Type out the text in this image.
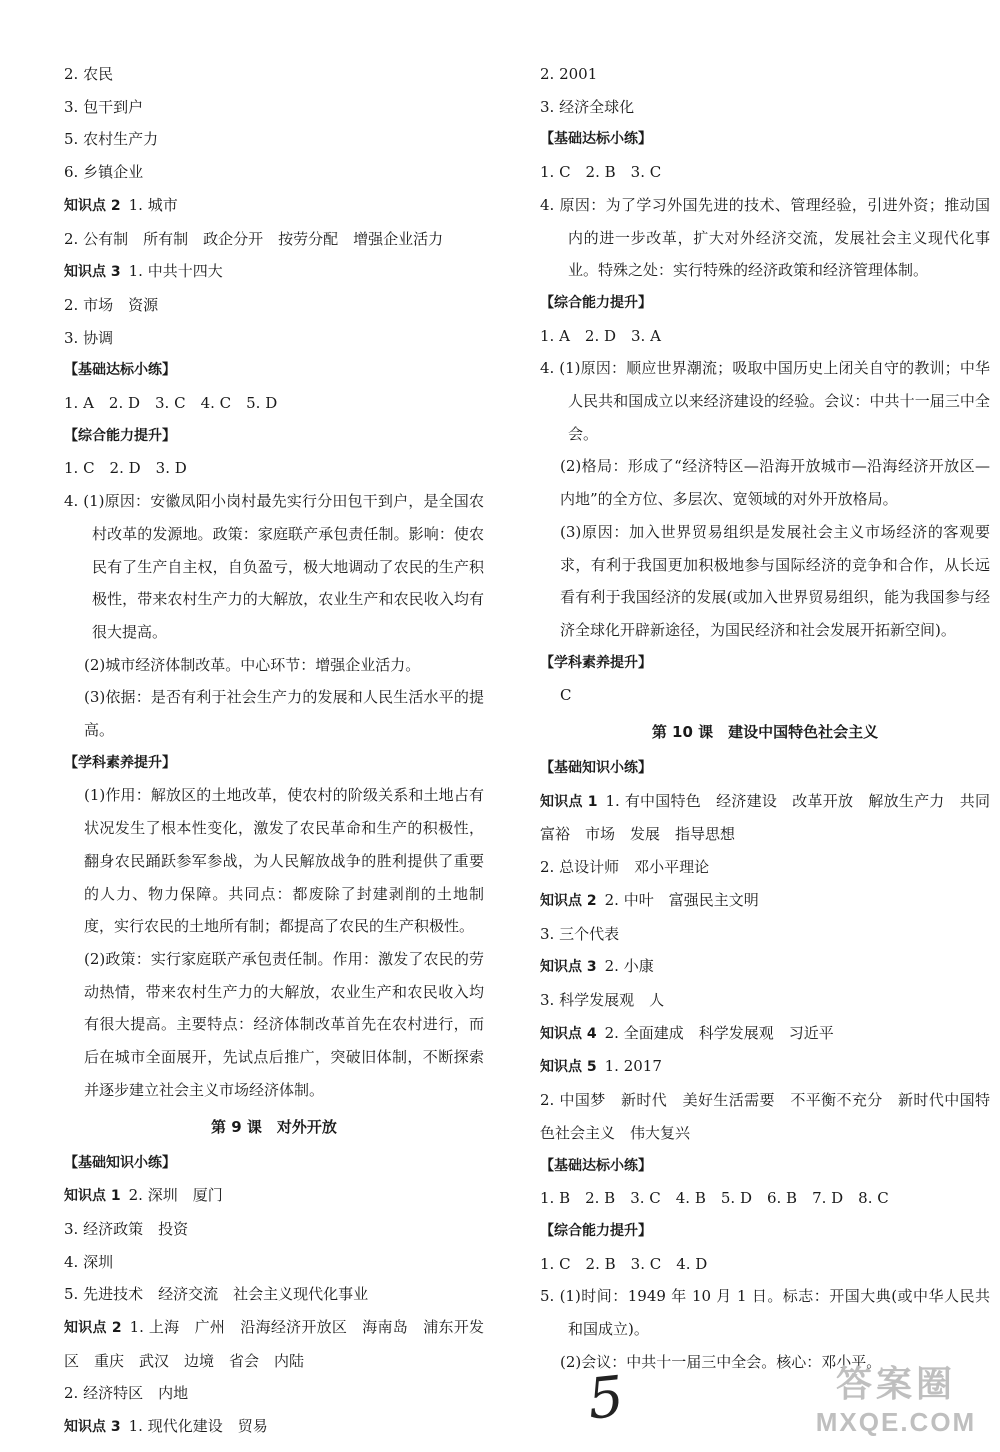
2. 农民
3. 包干到户
5. 农村生产力
6. 乡镇企业
知识点 2 1. 城市
2. 公有制　所有制　政企分开　按劳分配　增强企业活力
知识点 3 1. 中共十四大
2. 市场　资源
3. 协调
【基础达标小练】
1. A　2. D　3. C　4. C　5. D
【综合能力提升】
1. C　2. D　3. D
4. (1)原因：安徽凤阳小岗村最先实行分田包干到户，是全国农村改革的发源地。政策：家庭联产承包责任制。影响：使农民有了生产自主权，自负盈亏，极大地调动了农民的生产积极性，带来农村生产力的大解放，农业生产和农民收入均有很大提高。
(2)城市经济体制改革。中心环节：增强企业活力。
(3)依据：是否有利于社会生产力的发展和人民生活水平的提高。
【学科素养提升】
(1)作用：解放区的土地改革，使农村的阶级关系和土地占有状况发生了根本性变化，激发了农民革命和生产的积极性，翻身农民踊跃参军参战，为人民解放战争的胜利提供了重要的人力、物力保障。共同点：都废除了封建剥削的土地制度，实行农民的土地所有制；都提高了农民的生产积极性。
(2)政策：实行家庭联产承包责任制。作用：激发了农民的劳动热情，带来农村生产力的大解放，农业生产和农民收入均有很大提高。主要特点：经济体制改革首先在农村进行，而后在城市全面展开，先试点后推广，突破旧体制，不断探索并逐步建立社会主义市场经济体制。
第 9 课　对外开放
【基础知识小练】
知识点 1 2. 深圳　厦门
3. 经济政策　投资
4. 深圳
5. 先进技术　经济交流　社会主义现代化事业
知识点 2 1. 上海　广州　沿海经济开放区　海南岛　浦东开发区　重庆　武汉　边境　省会　内陆
2. 经济特区　内地
知识点 3 1. 现代化建设　贸易
2. 2001
3. 经济全球化
【基础达标小练】
1. C　2. B　3. C
4. 原因：为了学习外国先进的技术、管理经验，引进外资；推动国内的进一步改革，扩大对外经济交流，发展社会主义现代化事业。特殊之处：实行特殊的经济政策和经济管理体制。
【综合能力提升】
1. A　2. D　3. A
4. (1)原因：顺应世界潮流；吸取中国历史上闭关自守的教训；中华人民共和国成立以来经济建设的经验。会议：中共十一届三中全会。
(2)格局：形成了“经济特区—沿海开放城市—沿海经济开放区—内地”的全方位、多层次、宽领域的对外开放格局。
(3)原因：加入世界贸易组织是发展社会主义市场经济的客观要求，有利于我国更加积极地参与国际经济的竞争和合作，从长远看有利于我国经济的发展(或加入世界贸易组织，能为我国参与经济全球化开辟新途径，为国民经济和社会发展开拓新空间)。
【学科素养提升】
C
第 10 课　建设中国特色社会主义
【基础知识小练】
知识点 1 1. 有中国特色　经济建设　改革开放　解放生产力　共同富裕　市场　发展　指导思想
2. 总设计师　邓小平理论
知识点 2 2. 中叶　富强民主文明
3. 三个代表
知识点 3 2. 小康
3. 科学发展观　人
知识点 4 2. 全面建成　科学发展观　习近平
知识点 5 1. 2017
2. 中国梦　新时代　美好生活需要　不平衡不充分　新时代中国特色社会主义　伟大复兴
【基础达标小练】
1. B　2. B　3. C　4. B　5. D　6. B　7. D　8. C
【综合能力提升】
1. C　2. B　3. C　4. D
5. (1)时间：1949 年 10 月 1 日。标志：开国大典(或中华人民共和国成立)。
(2)会议：中共十一届三中全会。核心：邓小平。
5	答案圈
MXQE.COM
